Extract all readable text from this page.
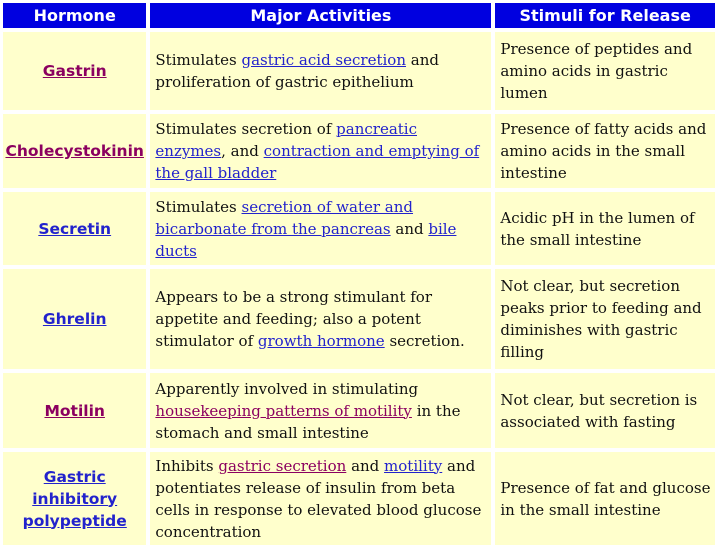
Hormone	Major Activities	Stimuli for Release
Gastrin	Stimulates gastric acid secretion and proliferation of gastric epithelium	Presence of peptides and amino acids in gastric lumen
Cholecystokinin	Stimulates secretion of pancreatic enzymes, and contraction and emptying of the gall bladder	Presence of fatty acids and amino acids in the small intestine
Secretin	Stimulates secretion of water and bicarbonate from the pancreas and bile ducts	Acidic pH in the lumen of the small intestine
Ghrelin	Appears to be a strong stimulant for appetite and feeding; also a potent stimulator of growth hormone secretion.	Not clear, but secretion peaks prior to feeding and diminishes with gastric filling
Motilin	Apparently involved in stimulating housekeeping patterns of motility in the stomach and small intestine	Not clear, but secretion is associated with fasting
Gastric inhibitory polypeptide	Inhibits gastric secretion and motility and potentiates release of insulin from beta cells in response to elevated blood glucose concentration	Presence of fat and glucose in the small intestine
